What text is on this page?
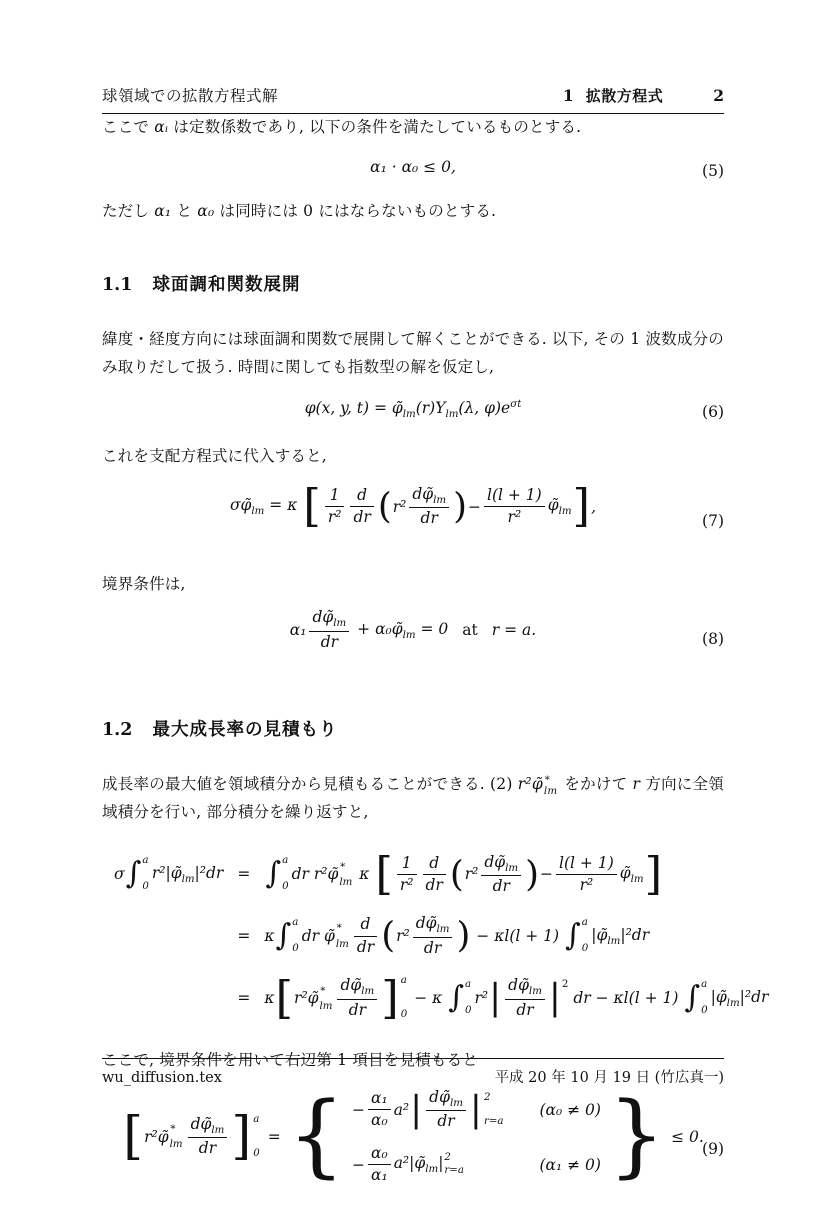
球領域での拡散方程式解	1 拡散方程式	2

ここで αᵢ は定数係数であり, 以下の条件を満たしているものとする.

α₁ · α₀ ≤ 0,	(5)

ただし α₁ と α₀ は同時には 0 にはならないものとする.

1.1 球面調和関数展開

緯度・経度方向には球面調和関数で展開して解くことができる. 以下, その 1 波数成分のみ取りだして扱う. 時間に関しても指数型の解を仮定し,

φ(x, y, $t) = \varphĩ_{lm}(r)Y_{lm}(\lambda$, $\varphi)e^{\sigma t}$	(6)

これを支配方程式に代入すると,

$\sigma\varphĩ_{lm} = \kappa$ [ $\frac{1}{\text{r²}} \frac{d}{dr}$ ( $r^2 \frac{d\varphĩ_{lm}}{dr}$ ) − $\frac{l(l + 1)}{\text{r²}}$ $\varphĩ_{lm}$ ] ,
(7)

境界条件は,

$\alpha_1 \frac{d\varphĩ_{lm}}{dr}$ + $\alpha_0\varphĩ_{lm} = 0$ at r = a.
(8)
1.2 最大成長率の見積もり

成長率の最大値を領域積分から見積もることができる. (2) r²φ̃ ∗
lm をかけて r 方向に全領域積分を行い, 部分積分を繰り返すと,

σ ∫ a
0
$r^2|\varphĩ_{lm}|^2dr$ = ∫ a
0
dr r²φ̃
∗
lm κ [ $\frac{1}{\text{r²}} \frac{d}{dr}$ ( $r^2 \frac{d\varphĩ_{lm}}{dr}$ ) − $\frac{l(l + 1)}{\text{r²}}$ $\varphĩ_{lm}$ ]
= κ ∫ a
0
dr φ̃
∗
lm $\frac{d}{dr}$ ( $r^2 \frac{d\varphĩ_{lm}}{dr}$ ) − κl(l + 1) ∫ a
0
$|\varphĩ_{lm}|^2dr$
= κ [ r²φ̃
∗
lm $\frac{d\varphĩ_{lm}}{dr}$ ] a
0
− κ ∫ a
0
r² | $\frac{d\varphĩ_{lm}}{dr}$ | 2
dr − κl(l + 1) ∫ a
0
$|\varphĩ_{lm}|^2dr$

ここで, 境界条件を用いて右辺第 1 項目を見積もると

[ r²φ̃
∗
lm $\frac{d\varphĩ_{lm}}{dr}$ ] a
0
= { − $\frac{\text{α₁}}{\text{α₀}} a^2$ | $\frac{d\varphĩ_{lm}}{dr}$ | 2
r=a
(α₀ ≠ 0)
− $\frac{\text{α₀}}{\text{α₁}}$ $a^2|\varphĩ_{lm}|$ 2
r=a	(α₁ ≠ 0) } ≤ 0.
(9)
wu_diffusion.tex	平成 20 年 10 月 19 日 (竹広真一)
